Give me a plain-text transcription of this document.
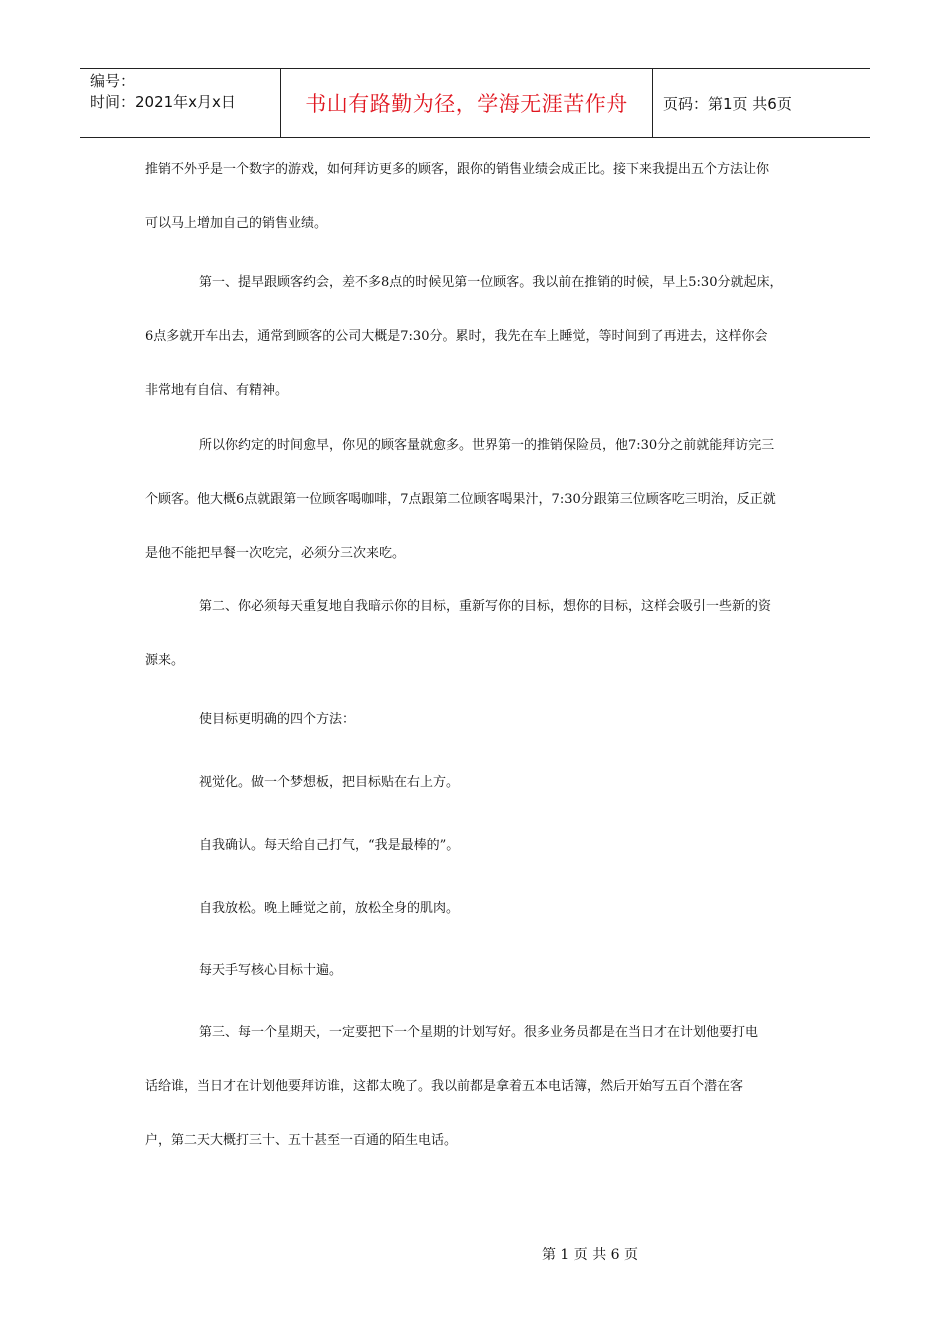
编号：
时间：2021年x月x日	书山有路勤为径，学海无涯苦作舟	页码：第1页 共6页
推销不外乎是一个数字的游戏，如何拜访更多的顾客，跟你的销售业绩会成正比。接下来我提出五个方法让你
可以马上增加自己的销售业绩。
第一、提早跟顾客约会，差不多8点的时候见第一位顾客。我以前在推销的时候，早上5:30分就起床，
6点多就开车出去，通常到顾客的公司大概是7:30分。累时，我先在车上睡觉，等时间到了再进去，这样你会
非常地有自信、有精神。
所以你约定的时间愈早，你见的顾客量就愈多。世界第一的推销保险员，他7:30分之前就能拜访完三
个顾客。他大概6点就跟第一位顾客喝咖啡，7点跟第二位顾客喝果汁，7:30分跟第三位顾客吃三明治，反正就
是他不能把早餐一次吃完，必须分三次来吃。
第二、你必须每天重复地自我暗示你的目标，重新写你的目标，想你的目标，这样会吸引一些新的资
源来。
使目标更明确的四个方法：
视觉化。做一个梦想板，把目标贴在右上方。
自我确认。每天给自己打气，“我是最棒的”。
自我放松。晚上睡觉之前，放松全身的肌肉。
每天手写核心目标十遍。
第三、每一个星期天，一定要把下一个星期的计划写好。很多业务员都是在当日才在计划他要打电
话给谁，当日才在计划他要拜访谁，这都太晚了。我以前都是拿着五本电话簿，然后开始写五百个潜在客
户，第二天大概打三十、五十甚至一百通的陌生电话。
第 1 页 共 6 页
